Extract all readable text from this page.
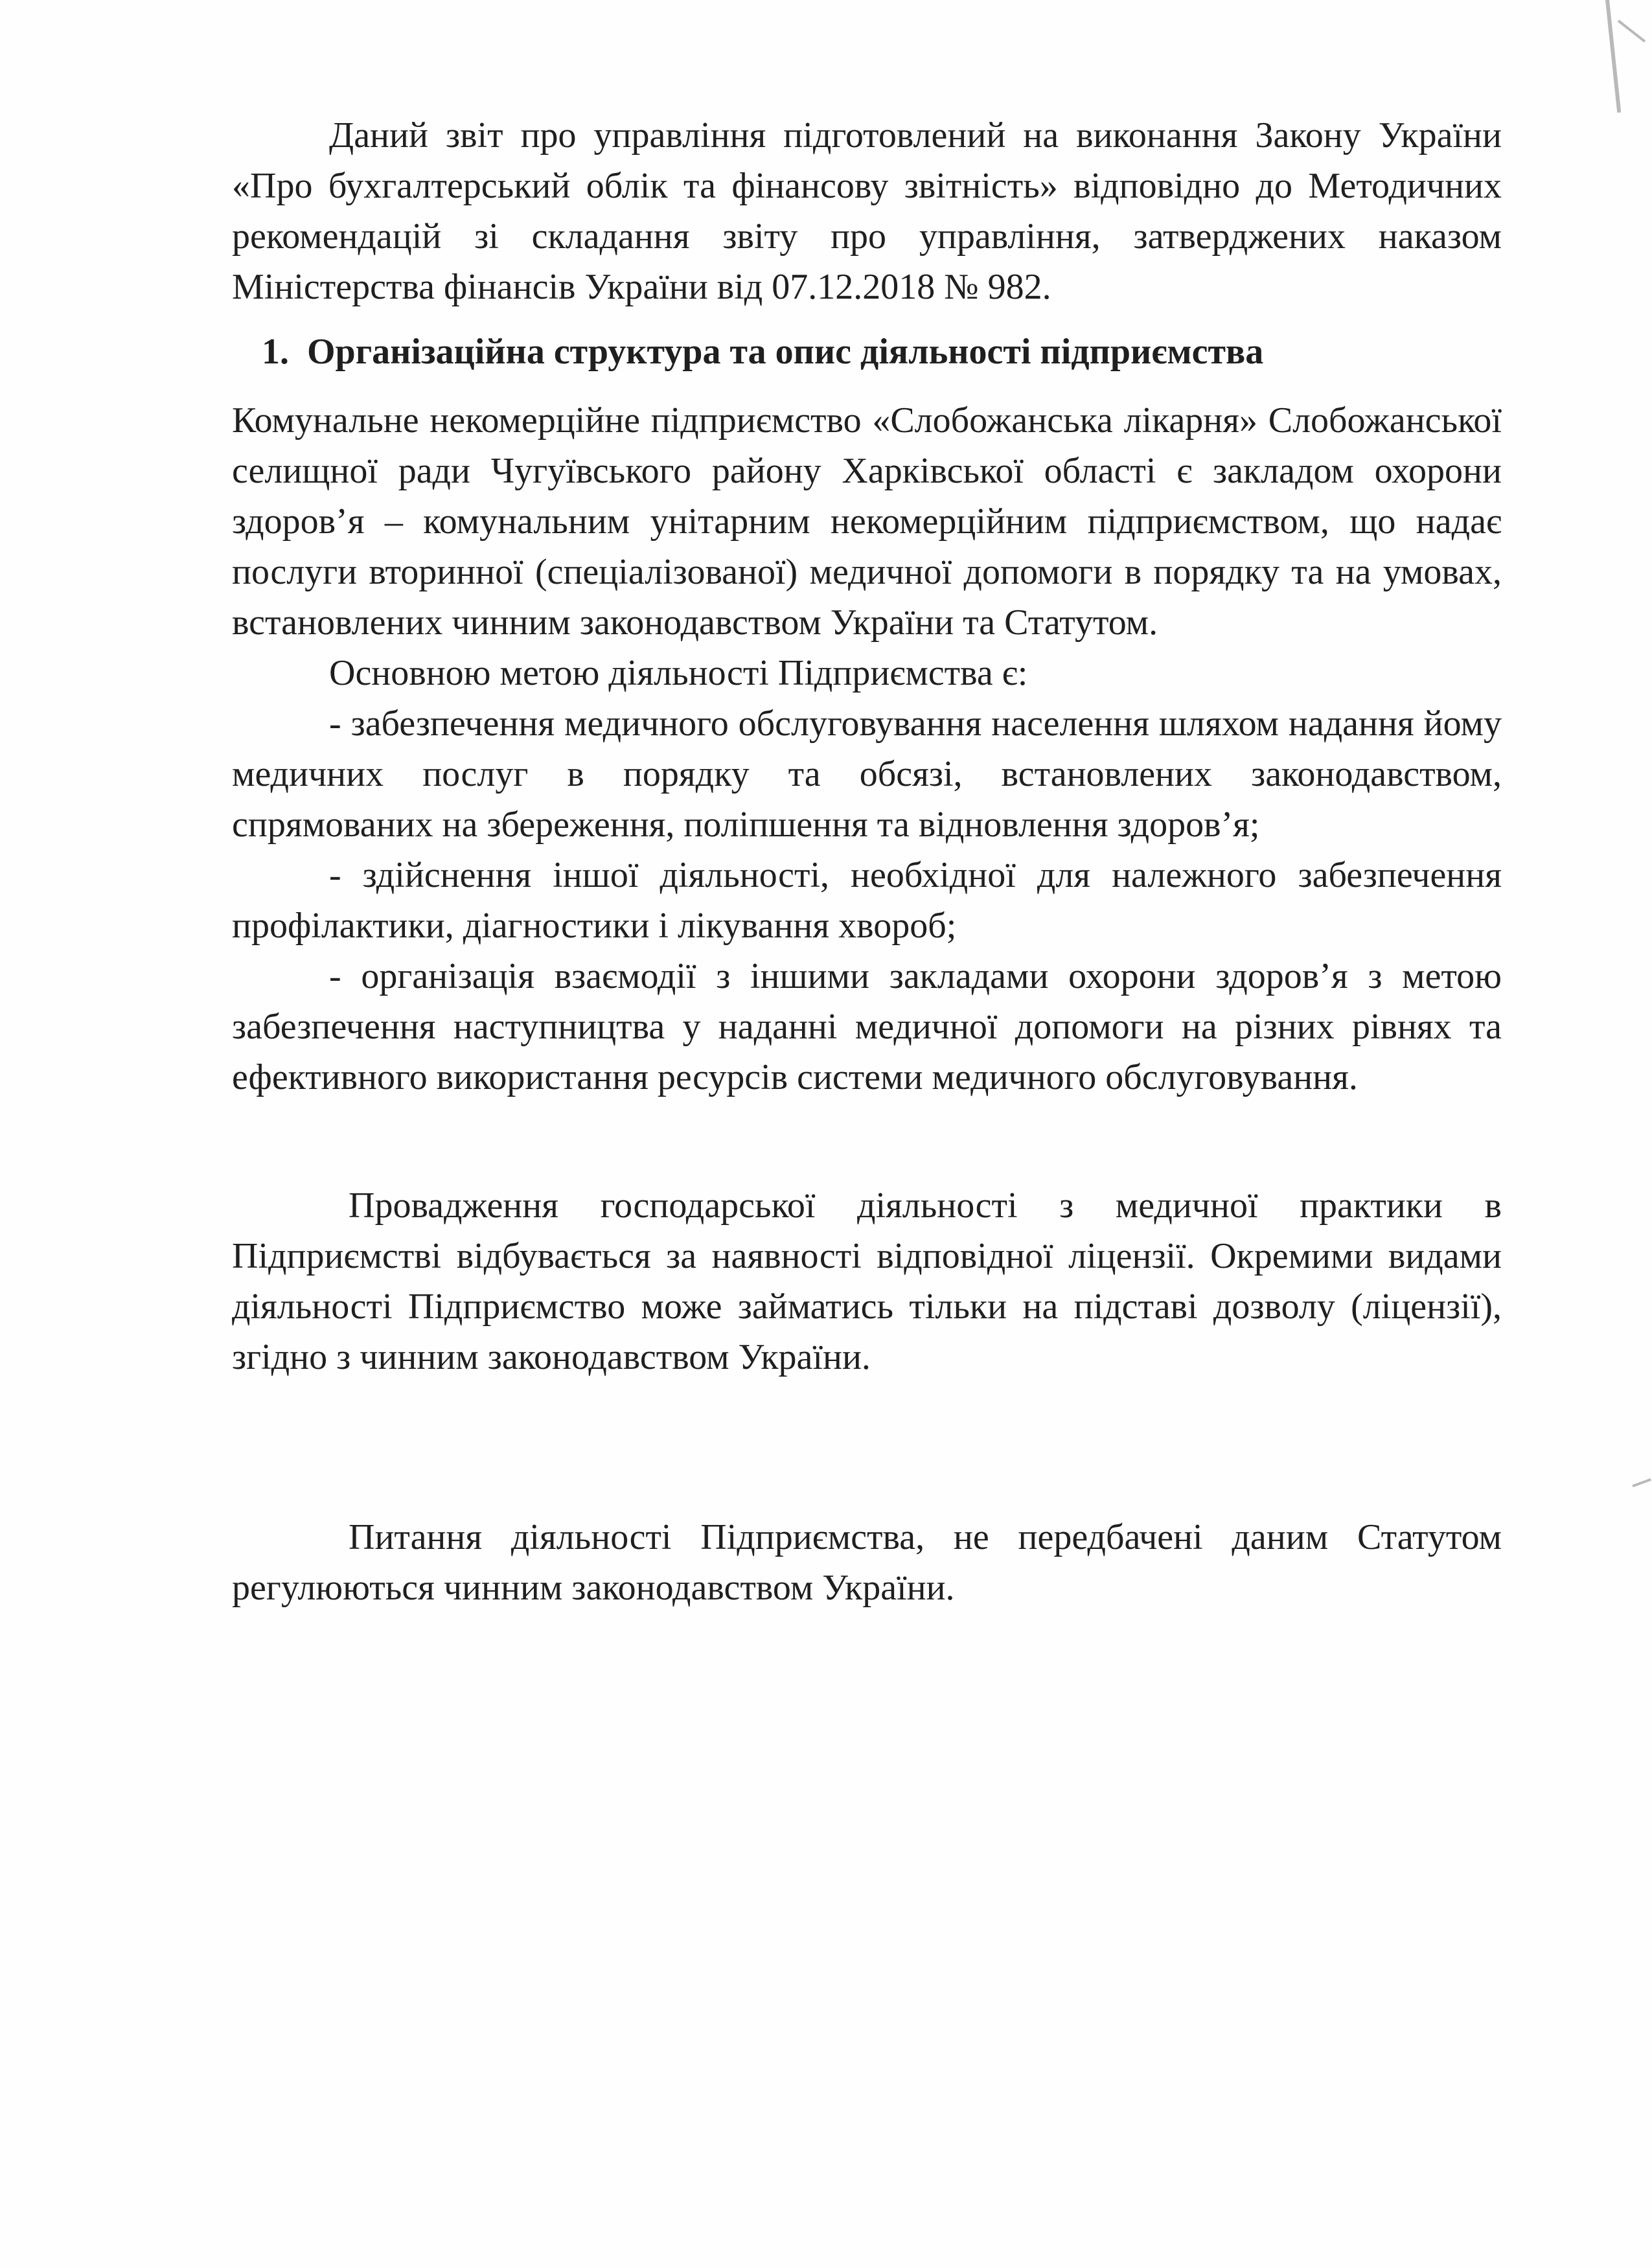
Даний звіт про управління підготовлений на виконання Закону України «Про бухгалтерський облік та фінансову звітність» відповідно до Методичних рекомендацій зі складання звіту про управління, затверджених наказом Міністерства фінансів України від 07.12.2018 № 982.

1. Організаційна структура та опис діяльності підприємства

Комунальне некомерційне підприємство «Слобожанська лікарня» Слобожанської селищної ради Чугуївського району Харківської області є закладом охорони здоров’я – комунальним унітарним некомерційним підприємством, що надає послуги вторинної (спеціалізованої) медичної допомоги в порядку та на умовах, встановлених чинним законодавством України та Статутом.

Основною метою діяльності Підприємства є:

- забезпечення медичного обслуговування населення шляхом надання йому медичних послуг в порядку та обсязі, встановлених законодавством, спрямованих на збереження, поліпшення та відновлення здоров’я;

- здійснення іншої діяльності, необхідної для належного забезпечення профілактики, діагностики і лікування хвороб;

- організація взаємодії з іншими закладами охорони здоров’я з метою забезпечення наступництва у наданні медичної допомоги на різних рівнях та ефективного використання ресурсів системи медичного обслуговування.

Провадження господарської діяльності з медичної практики в Підприємстві відбувається за наявності відповідної ліцензії. Окремими видами діяльності Підприємство може займатись тільки на підставі дозволу (ліцензії), згідно з чинним законодавством України.

Питання діяльності Підприємства, не передбачені даним Статутом регулюються чинним законодавством України.
